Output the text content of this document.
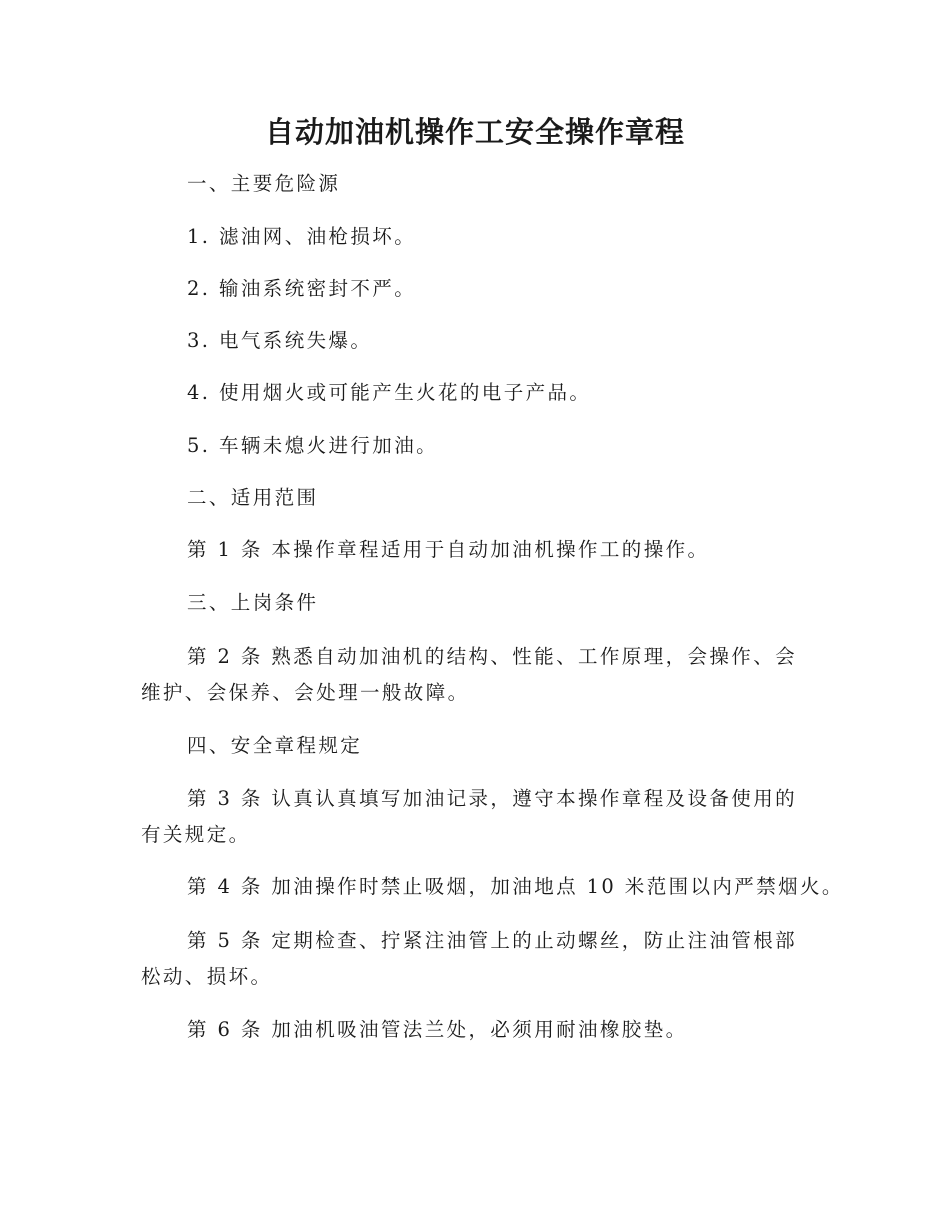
自动加油机操作工安全操作章程

一、主要危险源

1. 滤油网、油枪损坏。

2. 输油系统密封不严。

3. 电气系统失爆。

4. 使用烟火或可能产生火花的电子产品。

5. 车辆未熄火进行加油。

二、适用范围

第 1 条 本操作章程适用于自动加油机操作工的操作。

三、上岗条件

第 2 条 熟悉自动加油机的结构、性能、工作原理，会操作、会维护、会保养、会处理一般故障。

四、安全章程规定

第 3 条 认真认真填写加油记录，遵守本操作章程及设备使用的有关规定。

第 4 条 加油操作时禁止吸烟，加油地点 10 米范围以内严禁烟火。

第 5 条 定期检查、拧紧注油管上的止动螺丝，防止注油管根部松动、损坏。

第 6 条 加油机吸油管法兰处，必须用耐油橡胶垫。
